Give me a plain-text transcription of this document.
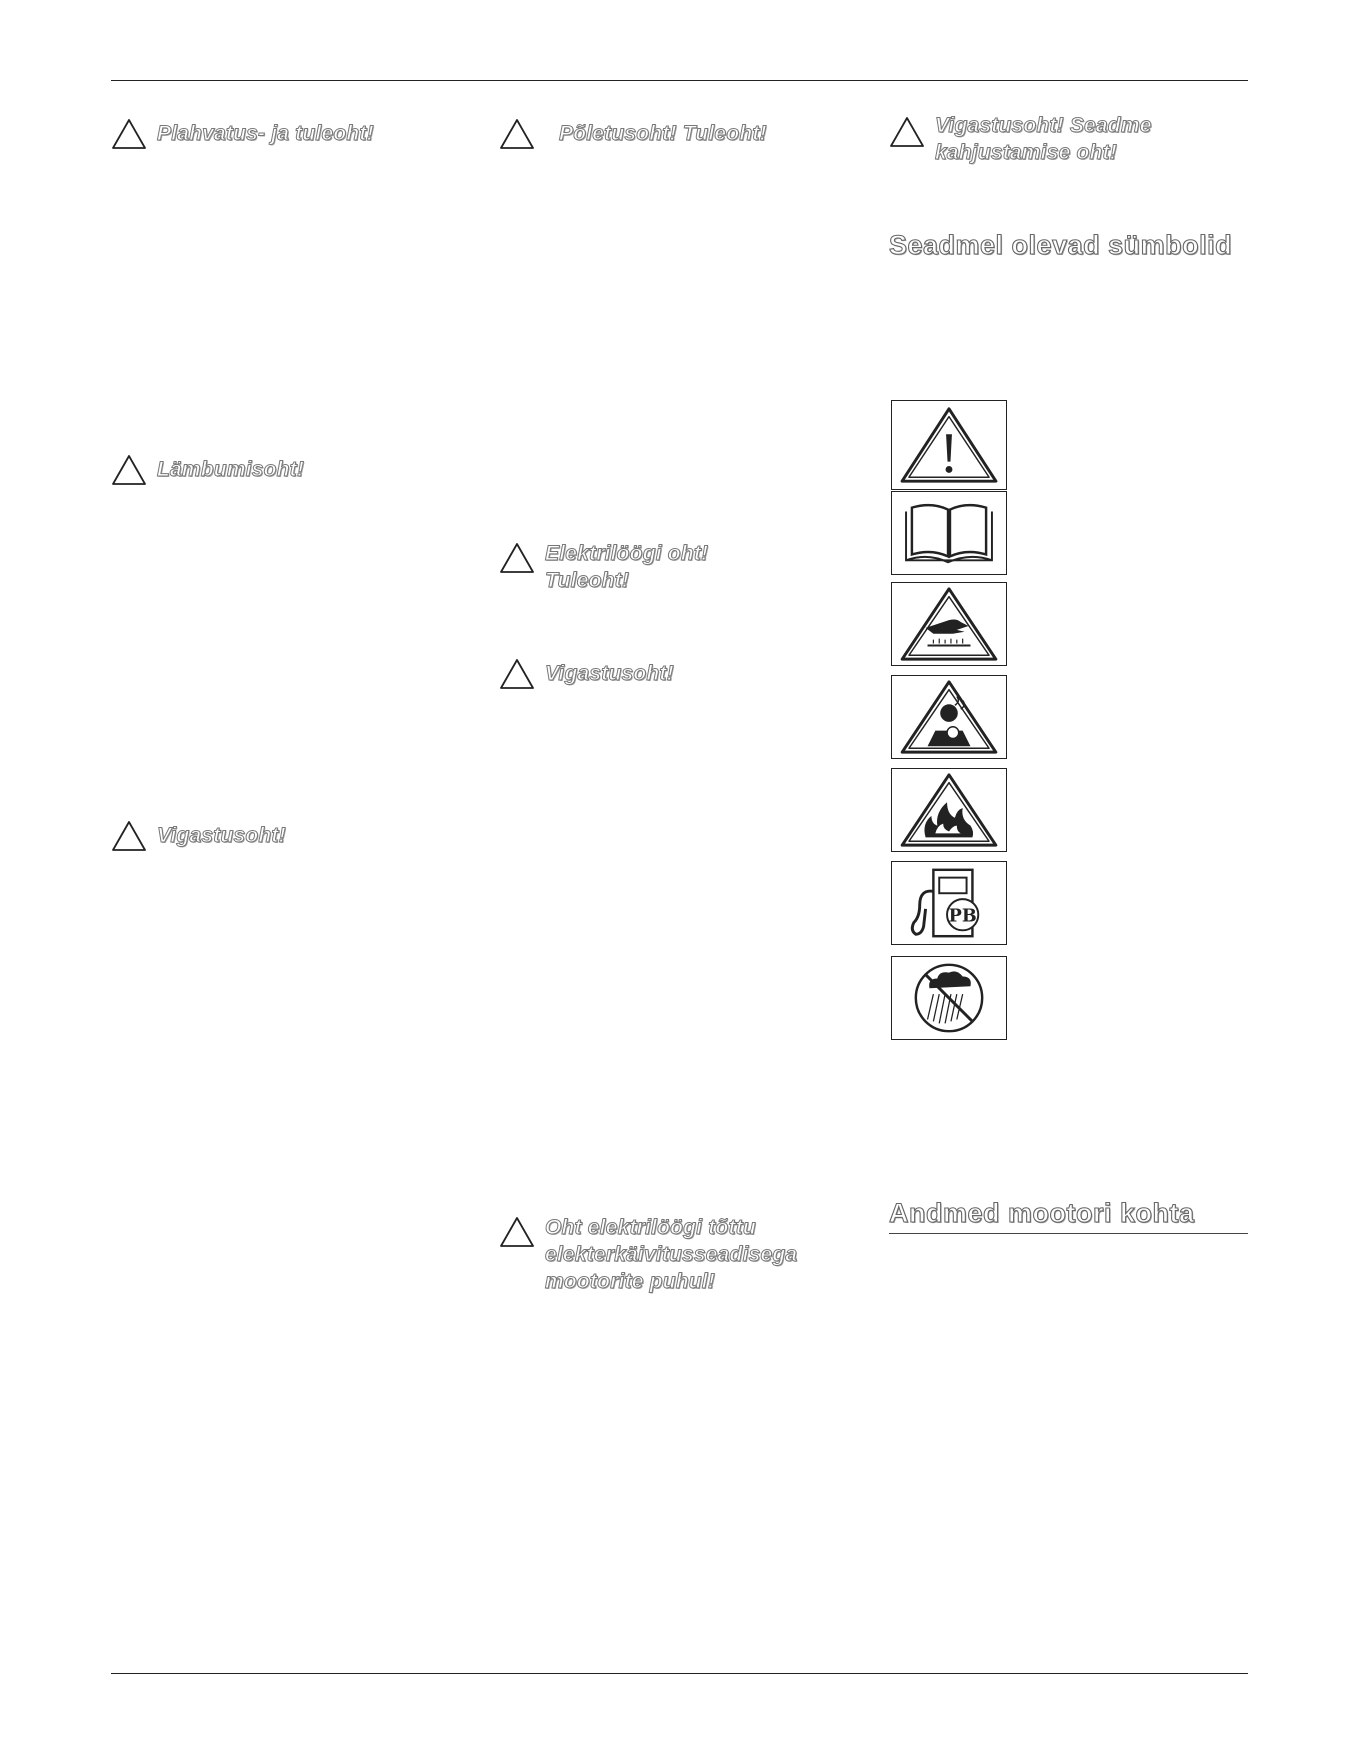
Plahvatus- ja tuleoht!
Lämbumisoht!
Vigastusoht!
Põletusoht! Tuleoht!
Elektrilöögi oht! Tuleoht!
Vigastusoht!
Oht elektrilöögi tõttu elekterkäivitusseadisega mootorite puhul!
Vigastusoht! Seadme kahjustamise oht!
Seadmel olevad sümbolid
PB
Andmed mootori kohta
